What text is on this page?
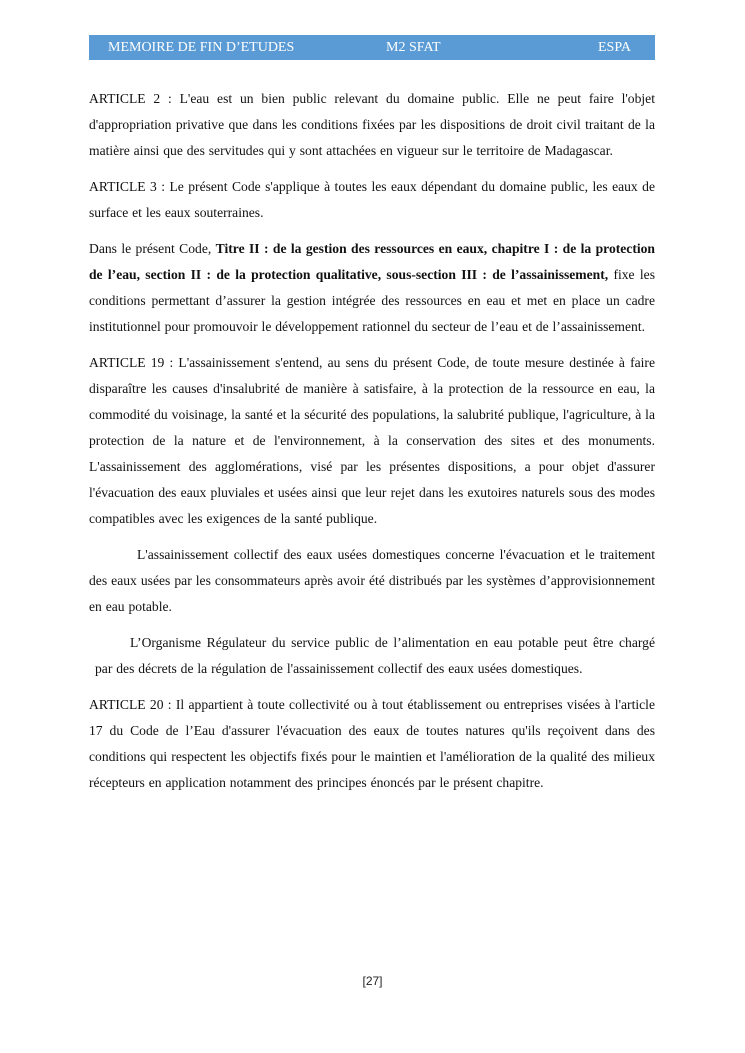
MEMOIRE DE FIN D’ETUDES	M2 SFAT	ESPA

ARTICLE 2 : L'eau est un bien public relevant du domaine public. Elle ne peut faire l'objet d'appropriation privative que dans les conditions fixées par les dispositions de droit civil traitant de la matière ainsi que des servitudes qui y sont attachées en vigueur sur le territoire de Madagascar.

ARTICLE 3 : Le présent Code s'applique à toutes les eaux dépendant du domaine public, les eaux de surface et les eaux souterraines.

Dans le présent Code, Titre II : de la gestion des ressources en eaux, chapitre I : de la protection de l’eau, section II : de la protection qualitative, sous-section III : de l’assainissement, fixe les conditions permettant d’assurer la gestion intégrée des ressources en eau et met en place un cadre institutionnel pour promouvoir le développement rationnel du secteur de l’eau et de l’assainissement.

ARTICLE 19 : L'assainissement s'entend, au sens du présent Code, de toute mesure destinée à faire disparaître les causes d'insalubrité de manière à satisfaire, à la protection de la ressource en eau, la commodité du voisinage, la santé et la sécurité des populations, la salubrité publique, l'agriculture, à la protection de la nature et de l'environnement, à la conservation des sites et des monuments. L'assainissement des agglomérations, visé par les présentes dispositions, a pour objet d'assurer l'évacuation des eaux pluviales et usées ainsi que leur rejet dans les exutoires naturels sous des modes compatibles avec les exigences de la santé publique.

L'assainissement collectif des eaux usées domestiques concerne l'évacuation et le traitement des eaux usées par les consommateurs après avoir été distribués par les systèmes d’approvisionnement en eau potable.

L’Organisme Régulateur du service public de l’alimentation en eau potable peut être chargé par des décrets de la régulation de l'assainissement collectif des eaux usées domestiques.

ARTICLE 20 : Il appartient à toute collectivité ou à tout établissement ou entreprises visées à l'article 17 du Code de l’Eau d'assurer l'évacuation des eaux de toutes natures qu'ils reçoivent dans des conditions qui respectent les objectifs fixés pour le maintien et l'amélioration de la qualité des milieux récepteurs en application notamment des principes énoncés par le présent chapitre.

[27]
